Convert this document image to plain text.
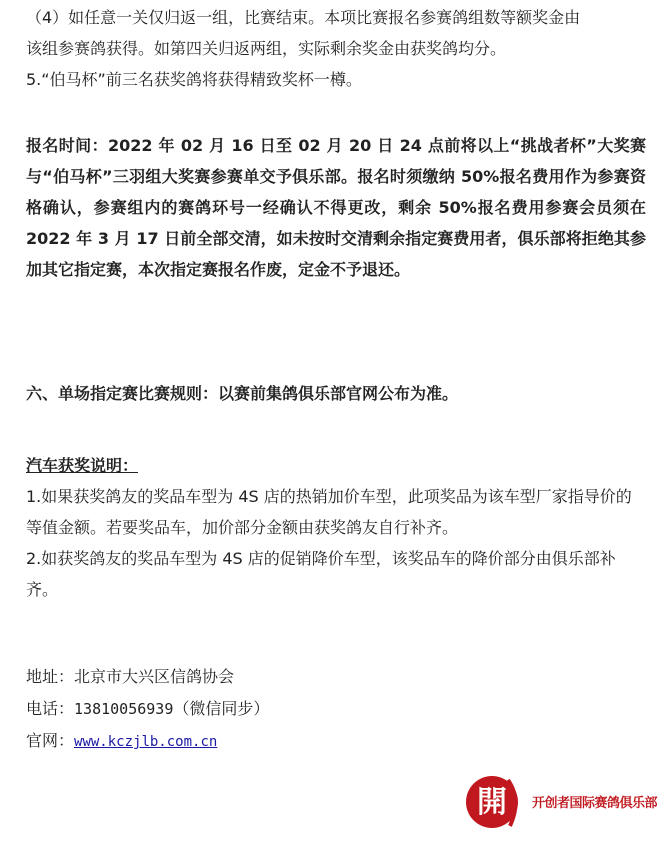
（4）如任意一关仅归返一组，比赛结束。本项比赛报名参赛鸽组数等额奖金由
该组参赛鸽获得。如第四关归返两组，实际剩余奖金由获奖鸽均分。
5.“伯马杯”前三名获奖鸽将获得精致奖杯一樽。

报名时间：2022 年 02 月 16 日至 02 月 20 日 24 点前将以上“挑战者杯”大奖赛与“伯马杯”三羽组大奖赛参赛单交予俱乐部。报名时须缴纳 50%报名费用作为参赛资格确认，参赛组内的赛鸽环号一经确认不得更改，剩余 50%报名费用参赛会员须在 2022 年 3 月 17 日前全部交清，如未按时交清剩余指定赛费用者，俱乐部将拒绝其参加其它指定赛，本次指定赛报名作废，定金不予退还。

六、单场指定赛比赛规则：以赛前集鸽俱乐部官网公布为准。

汽车获奖说明：

1.如果获奖鸽友的奖品车型为 4S 店的热销加价车型，此项奖品为该车型厂家指导价的等值金额。若要奖品车，加价部分金额由获奖鸽友自行补齐。
2.如获奖鸽友的奖品车型为 4S 店的促销降价车型，该奖品车的降价部分由俱乐部补齐。
地址：北京市大兴区信鸽协会
电话：13810056939（微信同步）
官网：www.kczjlb.com.cn
開 开创者国际赛鸽俱乐部
